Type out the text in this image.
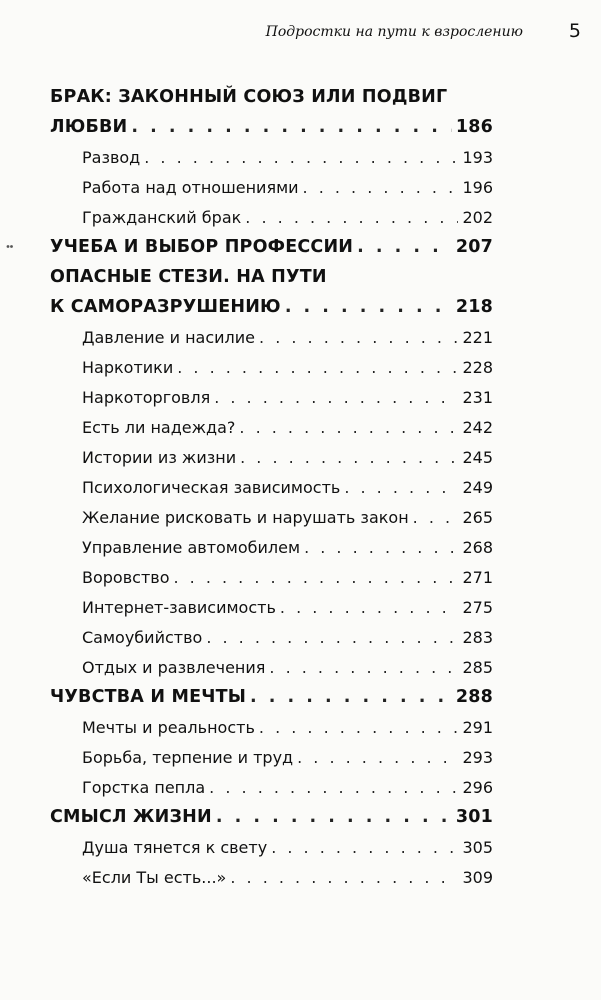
Подростки на пути к взрослению 5
БРАК: ЗАКОННЫЙ СОЮЗ ИЛИ ПОДВИГ
ЛЮБВИ . . .	186
Развод . . .	193
Работа над отношениями . . .	196
Гражданский брак . . .	202
УЧЕБА И ВЫБОР ПРОФЕССИИ . . .	207
ОПАСНЫЕ СТЕЗИ. НА ПУТИ
К САМОРАЗРУШЕНИЮ . . .	218
Давление и насилие . . .	221
Наркотики . . .	228
Наркоторговля . . .	231
Есть ли надежда? . . .	242
Истории из жизни . . .	245
Психологическая зависимость . . .	249
Желание рисковать и нарушать закон . . .	265
Управление автомобилем . . .	268
Воровство . . .	271
Интернет-зависимость . . .	275
Самоубийство . . .	283
Отдых и развлечения . . .	285
ЧУВСТВА И МЕЧТЫ . . .	288
Мечты и реальность . . .	291
Борьба, терпение и труд . . .	293
Горстка пепла . . .	296
СМЫСЛ ЖИЗНИ . . .	301
Душа тянется к свету . . .	305
«Если Ты есть...» . . .	309
